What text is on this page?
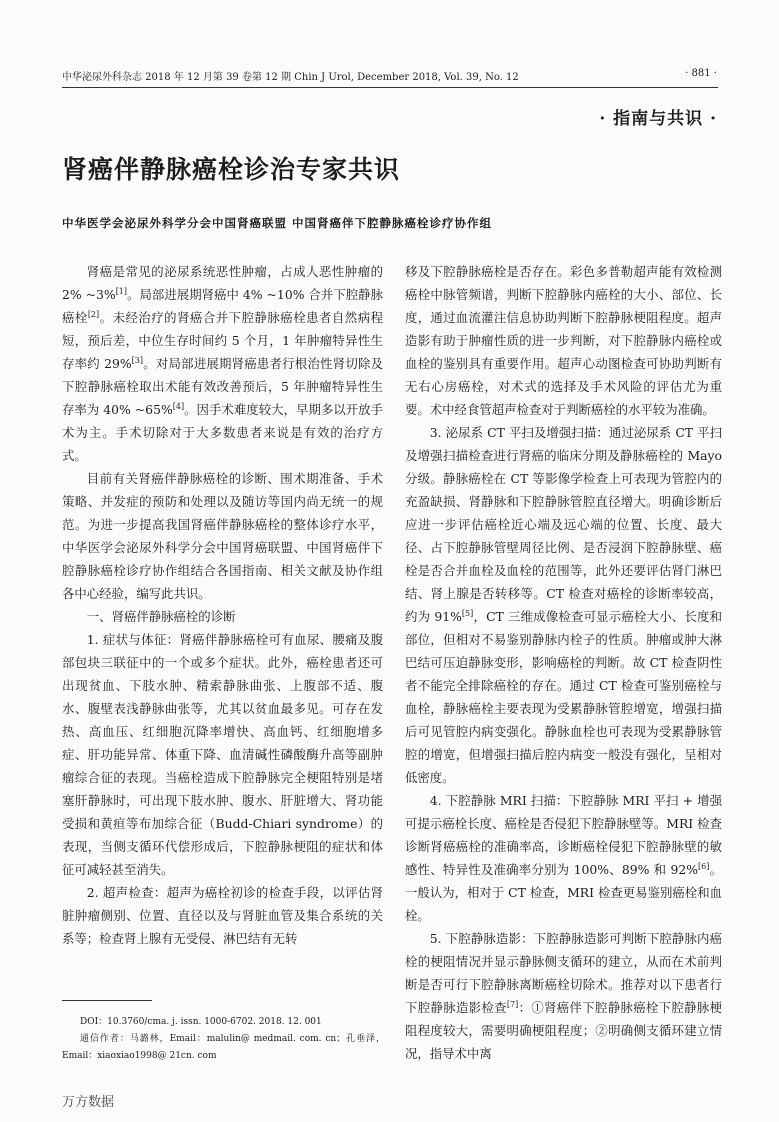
中华泌尿外科杂志 2018 年 12 月第 39 卷第 12 期 Chin J Urol, December 2018, Vol. 39, No. 12	· 881 ·
· 指南与共识 ·
肾癌伴静脉癌栓诊治专家共识
中华医学会泌尿外科学分会中国肾癌联盟 中国肾癌伴下腔静脉癌栓诊疗协作组

肾癌是常见的泌尿系统恶性肿瘤，占成人恶性肿瘤的 2% ~3%[1]。局部进展期肾癌中 4% ~10% 合并下腔静脉癌栓[2]。未经治疗的肾癌合并下腔静脉癌栓患者自然病程短，预后差，中位生存时间约 5 个月，1 年肿瘤特异性生存率约 29%[3]。对局部进展期肾癌患者行根治性肾切除及下腔静脉癌栓取出术能有效改善预后，5 年肿瘤特异性生存率为 40% ~65%[4]。因手术难度较大，早期多以开放手术为主。手术切除对于大多数患者来说是有效的治疗方式。

目前有关肾癌伴静脉癌栓的诊断、围术期准备、手术策略、并发症的预防和处理以及随访等国内尚无统一的规范。为进一步提高我国肾癌伴静脉癌栓的整体诊疗水平，中华医学会泌尿外科学分会中国肾癌联盟、中国肾癌伴下腔静脉癌栓诊疗协作组结合各国指南、相关文献及协作组各中心经验，编写此共识。

一、肾癌伴静脉癌栓的诊断

1. 症状与体征：肾癌伴静脉癌栓可有血尿、腰痛及腹部包块三联征中的一个或多个症状。此外，癌栓患者还可出现贫血、下肢水肿、精索静脉曲张、上腹部不适、腹水、腹壁表浅静脉曲张等，尤其以贫血最多见。可存在发热、高血压、红细胞沉降率增快、高血钙、红细胞增多症、肝功能异常、体重下降、血清碱性磷酸酶升高等副肿瘤综合征的表现。当癌栓造成下腔静脉完全梗阻特别是堵塞肝静脉时，可出现下肢水肿、腹水、肝脏增大、肾功能受损和黄疸等布加综合征（Budd-Chiari syndrome）的表现，当侧支循环代偿形成后，下腔静脉梗阻的症状和体征可减轻甚至消失。

2. 超声检查：超声为癌栓初诊的检查手段，以评估肾脏肿瘤侧别、位置、直径以及与肾脏血管及集合系统的关系等；检查肾上腺有无受侵、淋巴结有无转

移及下腔静脉癌栓是否存在。彩色多普勒超声能有效检测癌栓中脉管频谱，判断下腔静脉内癌栓的大小、部位、长度，通过血流灌注信息协助判断下腔静脉梗阻程度。超声造影有助于肿瘤性质的进一步判断，对下腔静脉内癌栓或血栓的鉴别具有重要作用。超声心动图检查可协助判断有无右心房癌栓，对术式的选择及手术风险的评估尤为重要。术中经食管超声检查对于判断癌栓的水平较为准确。

3. 泌尿系 CT 平扫及增强扫描：通过泌尿系 CT 平扫及增强扫描检查进行肾癌的临床分期及静脉癌栓的 Mayo 分级。静脉癌栓在 CT 等影像学检查上可表现为管腔内的充盈缺损、肾静脉和下腔静脉管腔直径增大。明确诊断后应进一步评估癌栓近心端及远心端的位置、长度、最大径、占下腔静脉管壁周径比例、是否浸润下腔静脉壁、癌栓是否合并血栓及血栓的范围等，此外还要评估肾门淋巴结、肾上腺是否转移等。CT 检查对癌栓的诊断率较高，约为 91%[5]，CT 三维成像检查可显示癌栓大小、长度和部位，但相对不易鉴别静脉内栓子的性质。肿瘤或肿大淋巴结可压迫静脉变形，影响癌栓的判断。故 CT 检查阴性者不能完全排除癌栓的存在。通过 CT 检查可鉴别癌栓与血栓，静脉癌栓主要表现为受累静脉管腔增宽，增强扫描后可见管腔内病变强化。静脉血栓也可表现为受累静脉管腔的增宽，但增强扫描后腔内病变一般没有强化，呈相对低密度。

4. 下腔静脉 MRI 扫描：下腔静脉 MRI 平扫 + 增强可提示癌栓长度、癌栓是否侵犯下腔静脉壁等。MRI 检查诊断肾癌癌栓的准确率高，诊断癌栓侵犯下腔静脉壁的敏感性、特异性及准确率分别为 100%、89% 和 92%[6]。一般认为，相对于 CT 检查，MRI 检查更易鉴别癌栓和血栓。

5. 下腔静脉造影：下腔静脉造影可判断下腔静脉内癌栓的梗阻情况并显示静脉侧支循环的建立，从而在术前判断是否可行下腔静脉离断癌栓切除术。推荐对以下患者行下腔静脉造影检查[7]：①肾癌伴下腔静脉癌栓下腔静脉梗阻程度较大，需要明确梗阻程度；②明确侧支循环建立情况，指导术中离

DOI：10.3760/cma. j. issn. 1000-6702. 2018. 12. 001
通信作者：马潞林，Email：malulin@ medmail. com. cn；孔垂泽，Email：xiaoxiao1998@ 21cn. com
万方数据
